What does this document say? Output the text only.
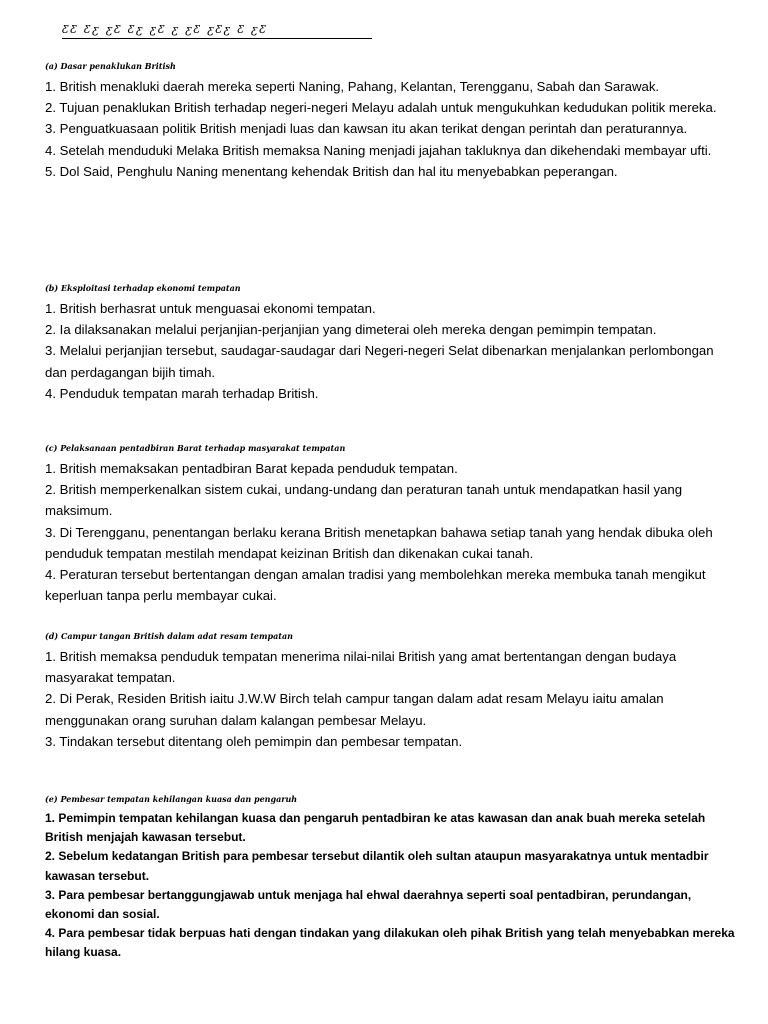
ƸƸ Ƹƹ ƹƸ Ƹƹ ƹƸ ƹ ƹƸ ƹƸƹ Ƹ ƹƸ
(a) Dasar penaklukan British
1. British menakluki daerah mereka seperti Naning, Pahang, Kelantan, Terengganu, Sabah dan Sarawak.
2. Tujuan penaklukan British terhadap negeri-negeri Melayu adalah untuk mengukuhkan kedudukan politik mereka.
3. Penguatkuasaan politik British menjadi luas dan kawsan itu akan terikat dengan perintah dan peraturannya.
4. Setelah menduduki Melaka British memaksa Naning menjadi jajahan takluknya dan dikehendaki membayar ufti.
5. Dol Said, Penghulu Naning menentang kehendak British dan hal itu menyebabkan peperangan.
(b) Eksploitasi terhadap ekonomi tempatan
1. British berhasrat untuk menguasai ekonomi tempatan.
2. Ia dilaksanakan melalui perjanjian-perjanjian yang dimeterai oleh mereka dengan pemimpin tempatan.
3. Melalui perjanjian tersebut, saudagar-saudagar dari Negeri-negeri Selat dibenarkan menjalankan perlombongan dan perdagangan bijih timah.
4. Penduduk tempatan marah terhadap British.
(c) Pelaksanaan pentadbiran Barat terhadap masyarakat tempatan
1. British memaksakan pentadbiran Barat kepada penduduk tempatan.
2. British memperkenalkan sistem cukai, undang-undang dan peraturan tanah untuk mendapatkan hasil yang maksimum.
3. Di Terengganu, penentangan berlaku kerana British menetapkan bahawa setiap tanah yang hendak dibuka oleh penduduk tempatan mestilah mendapat keizinan British dan dikenakan cukai tanah.
4. Peraturan tersebut bertentangan dengan amalan tradisi yang membolehkan mereka membuka tanah mengikut keperluan tanpa perlu membayar cukai.
(d) Campur tangan British dalam adat resam tempatan
1. British memaksa penduduk tempatan menerima nilai-nilai British yang amat bertentangan dengan budaya masyarakat tempatan.
2. Di Perak, Residen British iaitu J.W.W Birch telah campur tangan dalam adat resam Melayu iaitu amalan menggunakan orang suruhan dalam kalangan pembesar Melayu.
3. Tindakan tersebut ditentang oleh pemimpin dan pembesar tempatan.
(e) Pembesar tempatan kehilangan kuasa dan pengaruh
1. Pemimpin tempatan kehilangan kuasa dan pengaruh pentadbiran ke atas kawasan dan anak buah mereka setelah British menjajah kawasan tersebut.
2. Sebelum kedatangan British para pembesar tersebut dilantik oleh sultan ataupun masyarakatnya untuk mentadbir kawasan tersebut.
3. Para pembesar bertanggungjawab untuk menjaga hal ehwal daerahnya seperti soal pentadbiran, perundangan, ekonomi dan sosial.
4. Para pembesar tidak berpuas hati dengan tindakan yang dilakukan oleh pihak British yang telah menyebabkan mereka hilang kuasa.
